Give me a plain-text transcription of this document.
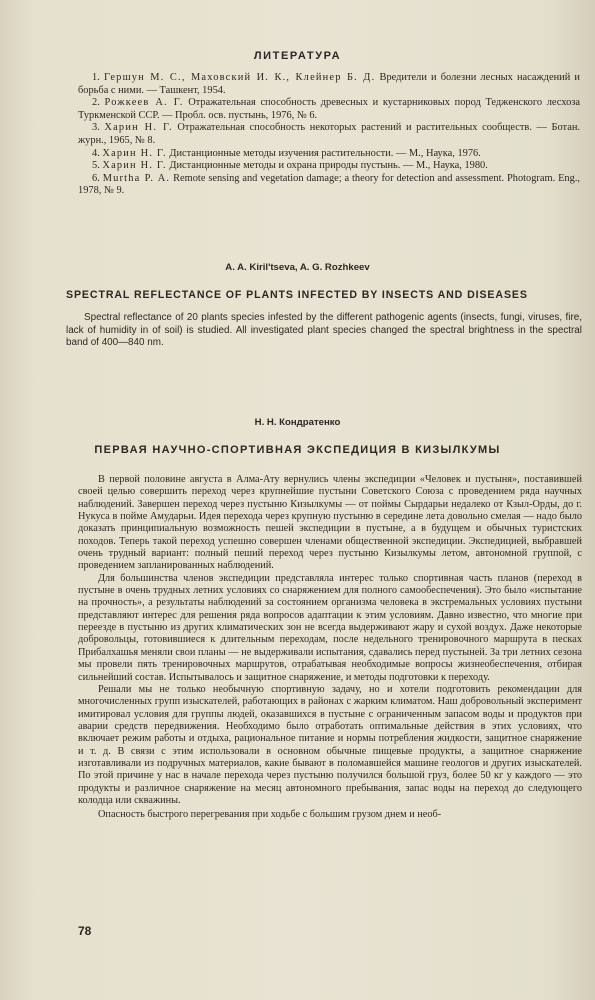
ЛИТЕРАТУРА

1. Гершун М. С., Маховский И. К., Клейнер Б. Д. Вредители и болезни лесных насаждений и борьба с ними. — Ташкент, 1954.

2. Рожкеев А. Г. Отражательная способность древесных и кустарниковых пород Теджeнского лесхоза Туркменской ССР. — Пробл. осв. пустынь, 1976, № 6.

3. Харин Н. Г. Отражательная способность некоторых растений и растительных сообществ. — Ботан. журн., 1965, № 8.

4. Харин Н. Г. Дистанционные методы изучения растительности. — М., Наука, 1976.

5. Харин Н. Г. Дистанционные методы и охрана природы пустынь. — М., Наука, 1980.

6. Murtha P. A. Remote sensing and vegetation damage; a theory for detection and assessment. Photogram. Eng., 1978, № 9.

A. A. Kiril'tseva, A. G. Rozhkeev
SPECTRAL REFLECTANCE OF PLANTS INFECTED BY INSECTS AND DISEASES

Spectral reflectance of 20 plants species infested by the different pathogenic agents (insects, fungi, viruses, fire, lack of humidity in of soil) is studied. All investigated plant species changed the spectral brightness in the spectral band of 400—840 nm.

Н. Н. Кондратенко
ПЕРВАЯ НАУЧНО-СПОРТИВНАЯ ЭКСПЕДИЦИЯ В КИЗЫЛКУМЫ

В первой половине августа в Алма-Ату вернулись члены экспедиции «Человек и пустыня», поставившей своей целью совершить переход через крупнейшие пустыни Советского Союза с проведением ряда научных наблюдений. Завершен переход через пустыню Кизылкумы — от поймы Сырдарьи недалеко от Кзыл-Орды, до г. Нукуса в пойме Амударьи. Идея перехода через крупную пустыню в середине лета довольно смелая — надо было доказать принципиальную возможность пешей экспедиции в пустыне, а в будущем и обычных туристских походов. Теперь такой переход успешно совершен членами общественной экспедиции. Экспедицией, выбравшей очень трудный вариант: полный пеший переход через пустыню Кизылкумы летом, автономной группой, с проведением запланированных наблюдений.

Для большинства членов экспедиции представляла интерес только спортивная часть планов (переход в пустыне в очень трудных летних условиях со снаряжением для полного самообеспечения). Это было «испытание на прочность», а результаты наблюдений за состоянием организма человека в экстремальных условиях пустыни представляют интерес для решения ряда вопросов адаптации к этим условиям. Давно известно, что многие при переезде в пустыню из других климатических зон не всегда выдерживают жару и сухой воздух. Даже некоторые добровольцы, готовившиеся к длительным переходам, после недельного тренировочного маршрута в песках Прибалхашья меняли свои планы — не выдерживали испытания, сдавались перед пустыней. За три летних сезона мы провели пять тренировочных маршрутов, отрабатывая необходимые вопросы жизнеобеспечения, отбирая сильнейший состав. Испытывалось и защитное снаряжение, и методы подготовки к переходу.

Решали мы не только необычную спортивную задачу, но и хотели подготовить рекомендации для многочисленных групп изыскателей, работающих в районах с жарким климатом. Наш добровольный эксперимент имитировал условия для группы людей, оказавшихся в пустыне с ограниченным запасом воды и продуктов при аварии средств передвижения. Необходимо было отработать оптимальные действия в этих условиях, что включает режим работы и отдыха, рациональное питание и нормы потребления жидкости, защитное снаряжение и т. д. В связи с этим использовали в основном обычные пищевые продукты, а защитное снаряжение изготавливали из подручных материалов, какие бывают в поломавшейся машине геологов и других изыскателей. По этой причине у нас в начале перехода через пустыню получился большой груз, более 50 кг у каждого — это продукты и различное снаряжение на месяц автономного пребывания, запас воды на переход до следующего колодца или скважины.

Опасность быстрого перегревания при ходьбе с большим грузом днем и необ-

78
